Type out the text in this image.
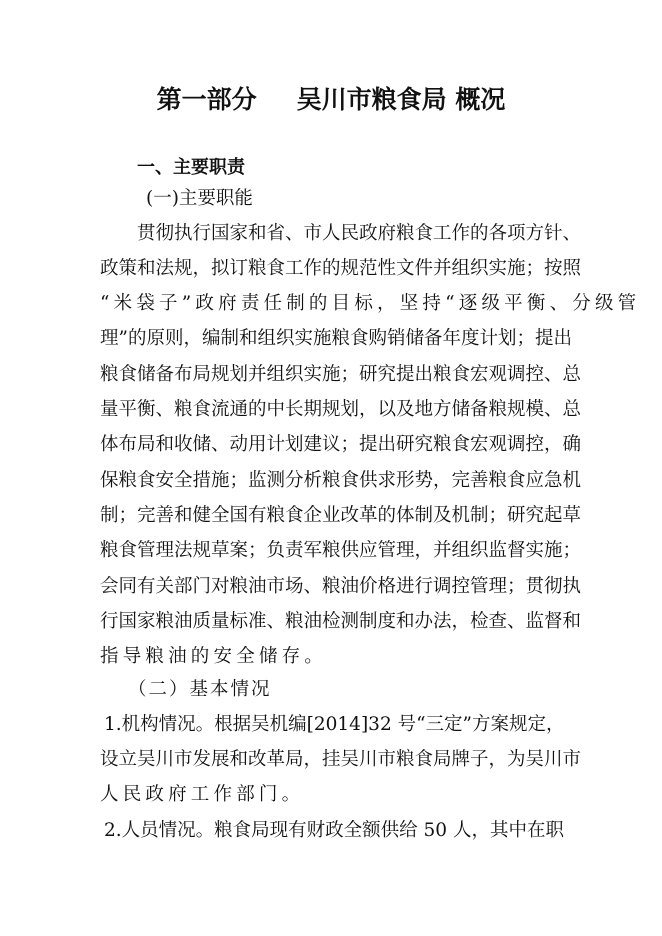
第一部分 吴川市粮食局 概况
一、主要职责
(一)主要职能
贯彻执行国家和省、市人民政府粮食工作的各项方针、
政策和法规，拟订粮食工作的规范性文件并组织实施；按照
“米袋子”政府责任制的目标，坚持“逐级平衡、分级管
理”的原则，编制和组织实施粮食购销储备年度计划；提出
粮食储备布局规划并组织实施；研究提出粮食宏观调控、总
量平衡、粮食流通的中长期规划，以及地方储备粮规模、总
体布局和收储、动用计划建议；提出研究粮食宏观调控，确
保粮食安全措施；监测分析粮食供求形势，完善粮食应急机
制；完善和健全国有粮食企业改革的体制及机制；研究起草
粮食管理法规草案；负责军粮供应管理，并组织监督实施；
会同有关部门对粮油市场、粮油价格进行调控管理；贯彻执
行国家粮油质量标准、粮油检测制度和办法，检查、监督和
指导粮油的安全储存。
（二）基本情况
1.机构情况。根据吴机编[2014]32 号“三定”方案规定，
设立吴川市发展和改革局，挂吴川市粮食局牌子，为吴川市
人民政府工作部门。
2.人员情况。粮食局现有财政全额供给 50 人，其中在职
